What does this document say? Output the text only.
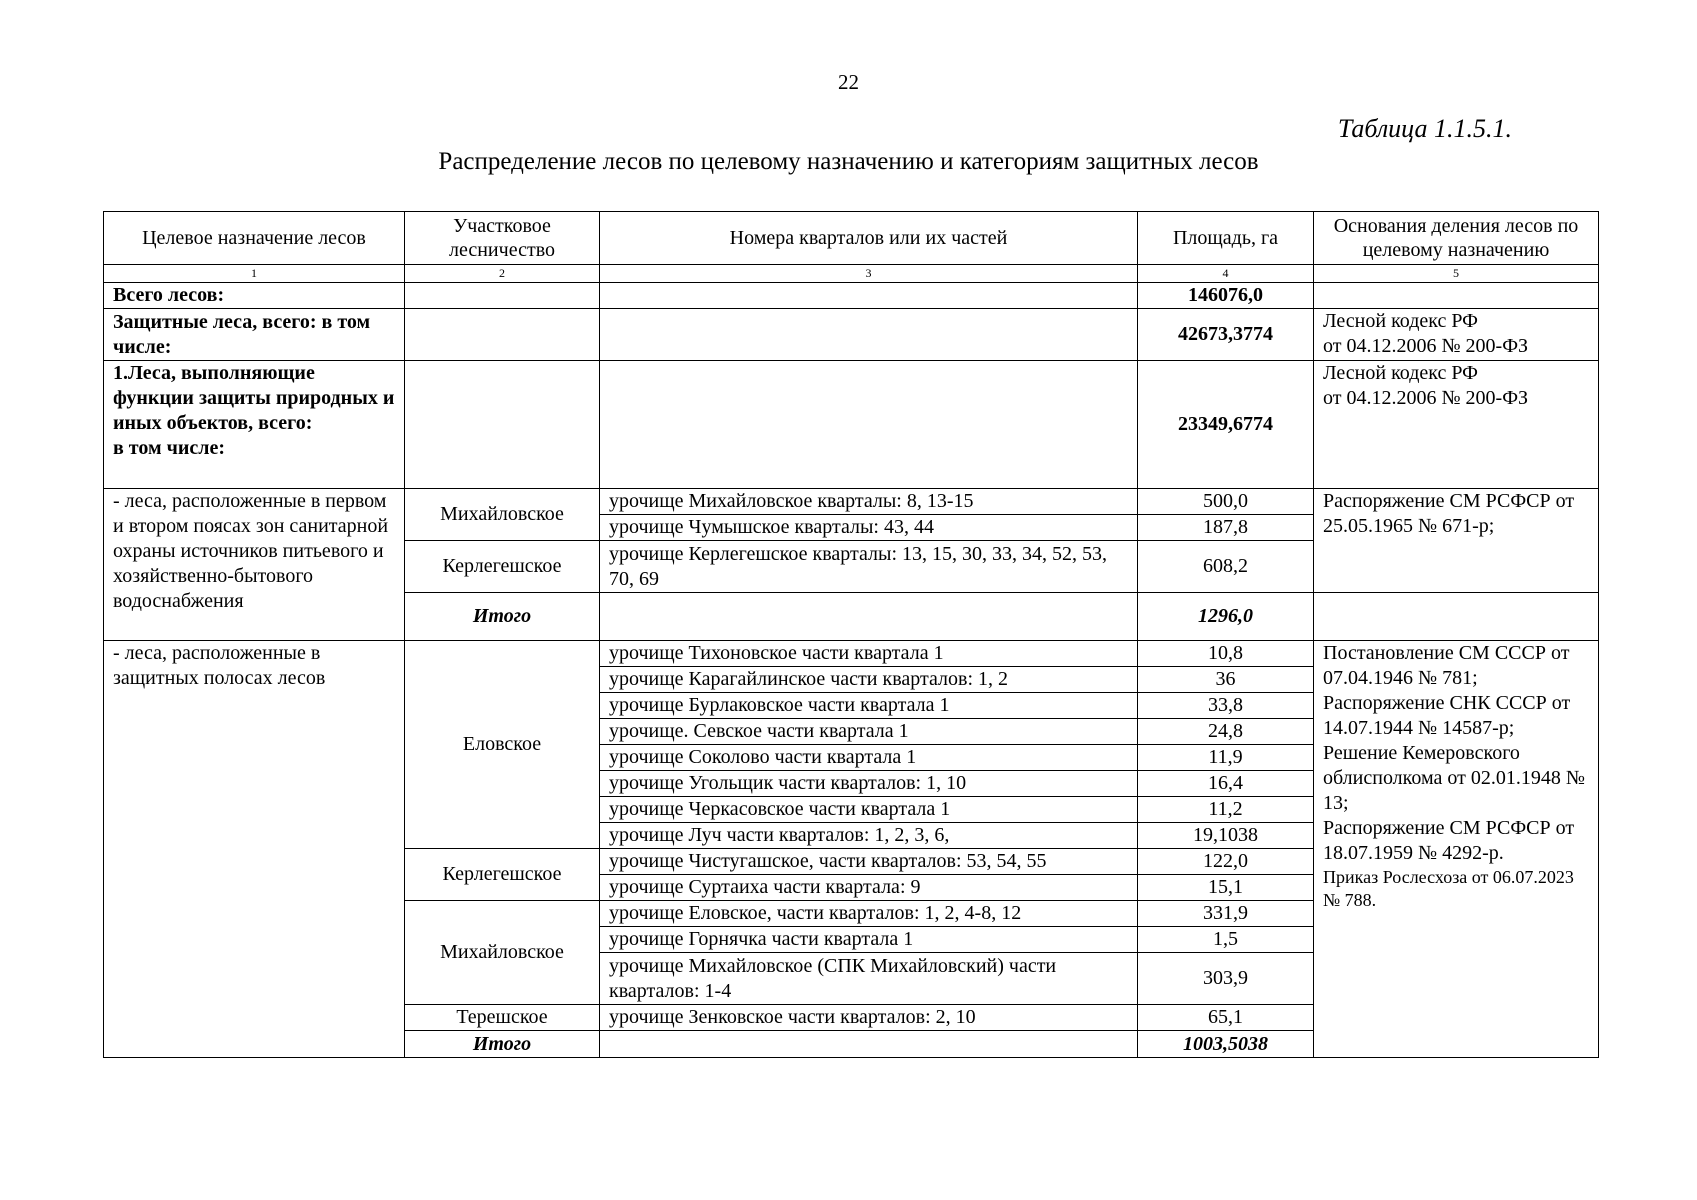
22
Таблица 1.1.5.1.
Распределение лесов по целевому назначению и категориям защитных лесов
Целевое назначение лесов	Участковое лесничество	Номера кварталов или их частей	Площадь, га	Основания деления лесов по целевому назначению
1	2	3	4	5
Всего лесов:			146076,0	
Защитные леса, всего: в том числе:			42673,3774	Лесной кодекс РФ
от 04.12.2006 № 200-ФЗ
1.Леса, выполняющие функции защиты природных и иных объектов, всего:
в том числе:			23349,6774	Лесной кодекс РФ
от 04.12.2006 № 200-ФЗ
- леса, расположенные в первом и втором поясах зон санитарной охраны источников питьевого и хозяйственно-бытового водоснабжения	Михайловское	урочище Михайловское кварталы: 8, 13-15	500,0	Распоряжение СМ РСФСР от 25.05.1965 № 671-р;

		урочище Чумышское кварталы: 43, 44	187,8	
	Керлегешское	урочище Керлегешское кварталы: 13, 15, 30, 33, 34, 52, 53, 70, 69	608,2	
	Итого		1296,0	
- леса, расположенные в защитных полосах лесов	Еловское	урочище Тихоновское части квартала 1	10,8	Постановление СМ СССР от 07.04.1946 № 781;
Распоряжение СНК СССР от 14.07.1944 № 14587-р;
Решение Кемеровского облисполкома от 02.01.1948 № 13;
Распоряжение СМ РСФСР от 18.07.1959 № 4292-р.
Приказ Рослесхоза от 06.07.2023 № 788.

		урочище Карагайлинское части кварталов: 1, 2	36	
		урочище Бурлаковское части квартала 1	33,8	
		урочище. Севское части квартала 1	24,8	
		урочище Соколово части квартала 1	11,9	
		урочище Угольщик части кварталов: 1, 10	16,4	
		урочище Черкасовское части квартала 1	11,2	
		урочище Луч части кварталов: 1, 2, 3, 6,	19,1038	
	Керлегешское	урочище Чистугашское, части кварталов: 53, 54, 55	122,0	
		урочище Суртаиха части квартала: 9	15,1	
	Михайловское	урочище Еловское, части кварталов: 1, 2, 4-8, 12	331,9	
		урочище Горнячка части квартала 1	1,5	
		урочище Михайловское (СПК Михайловский) части кварталов: 1-4	303,9	
	Терешское	урочище Зенковское части кварталов: 2, 10	65,1	
	Итого		1003,5038	
